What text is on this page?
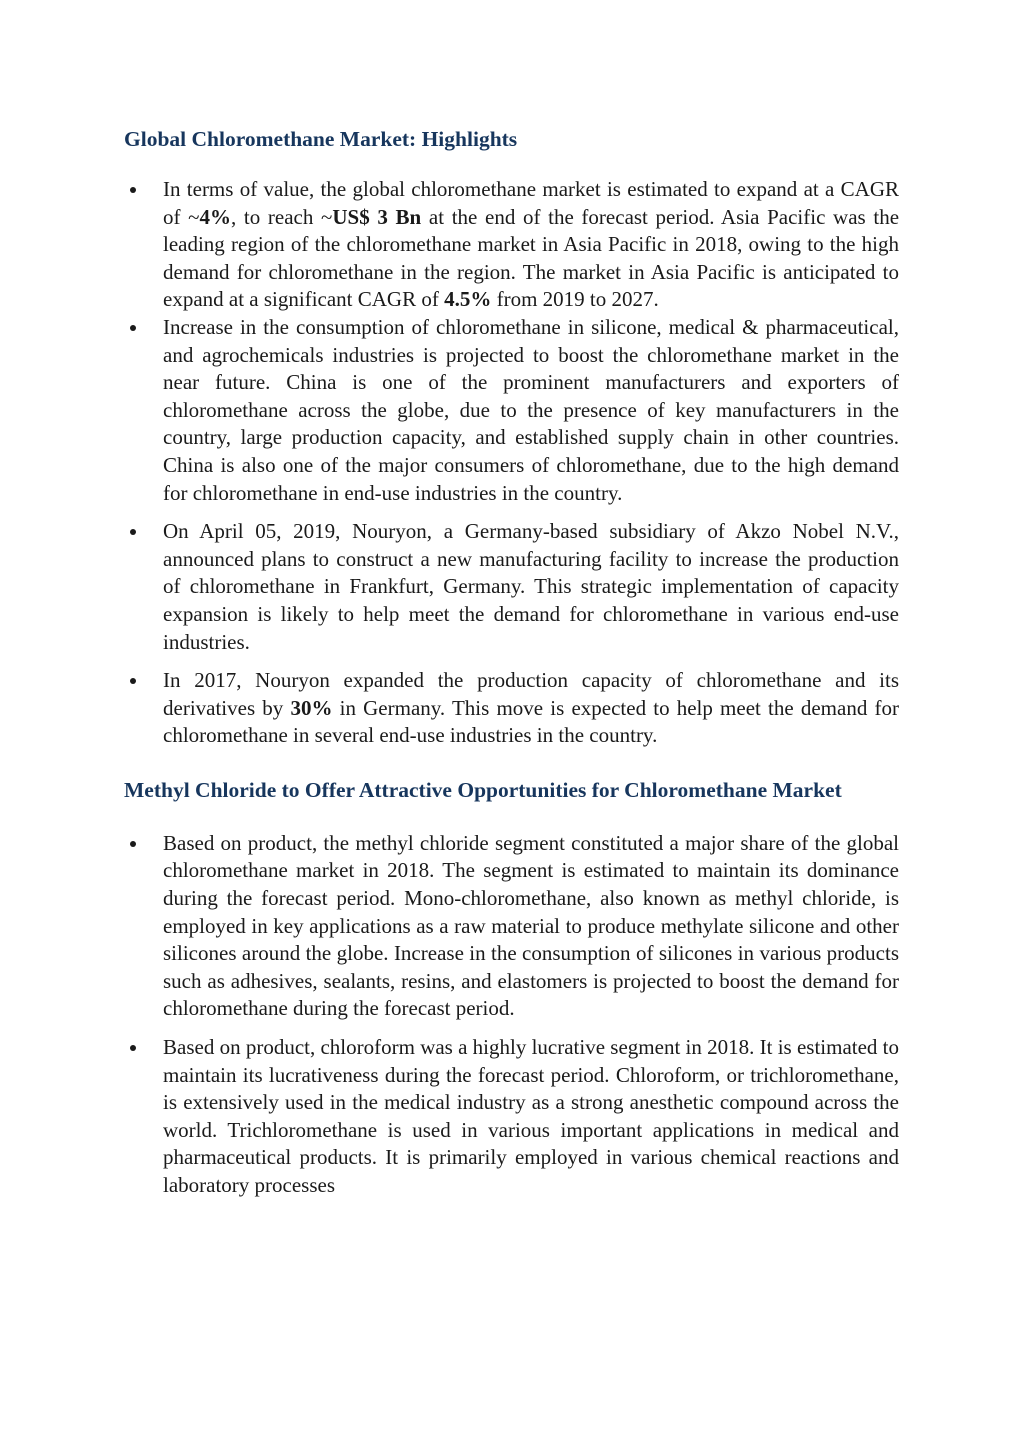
Global Chloromethane Market: Highlights
In terms of value, the global chloromethane market is estimated to expand at a CAGR of ~4%, to reach ~US$ 3 Bn at the end of the forecast period. Asia Pacific was the leading region of the chloromethane market in Asia Pacific in 2018, owing to the high demand for chloromethane in the region. The market in Asia Pacific is anticipated to expand at a significant CAGR of 4.5% from 2019 to 2027.
Increase in the consumption of chloromethane in silicone, medical & pharmaceutical, and agrochemicals industries is projected to boost the chloromethane market in the near future. China is one of the prominent manufacturers and exporters of chloromethane across the globe, due to the presence of key manufacturers in the country, large production capacity, and established supply chain in other countries. China is also one of the major consumers of chloromethane, due to the high demand for chloromethane in end-use industries in the country.
On April 05, 2019, Nouryon, a Germany-based subsidiary of Akzo Nobel N.V., announced plans to construct a new manufacturing facility to increase the production of chloromethane in Frankfurt, Germany. This strategic implementation of capacity expansion is likely to help meet the demand for chloromethane in various end-use industries.
In 2017, Nouryon expanded the production capacity of chloromethane and its derivatives by 30% in Germany. This move is expected to help meet the demand for chloromethane in several end-use industries in the country.
Methyl Chloride to Offer Attractive Opportunities for Chloromethane Market
Based on product, the methyl chloride segment constituted a major share of the global chloromethane market in 2018. The segment is estimated to maintain its dominance during the forecast period. Mono-chloromethane, also known as methyl chloride, is employed in key applications as a raw material to produce methylate silicone and other silicones around the globe. Increase in the consumption of silicones in various products such as adhesives, sealants, resins, and elastomers is projected to boost the demand for chloromethane during the forecast period.
Based on product, chloroform was a highly lucrative segment in 2018. It is estimated to maintain its lucrativeness during the forecast period. Chloroform, or trichloromethane, is extensively used in the medical industry as a strong anesthetic compound across the world. Trichloromethane is used in various important applications in medical and pharmaceutical products. It is primarily employed in various chemical reactions and laboratory processes
